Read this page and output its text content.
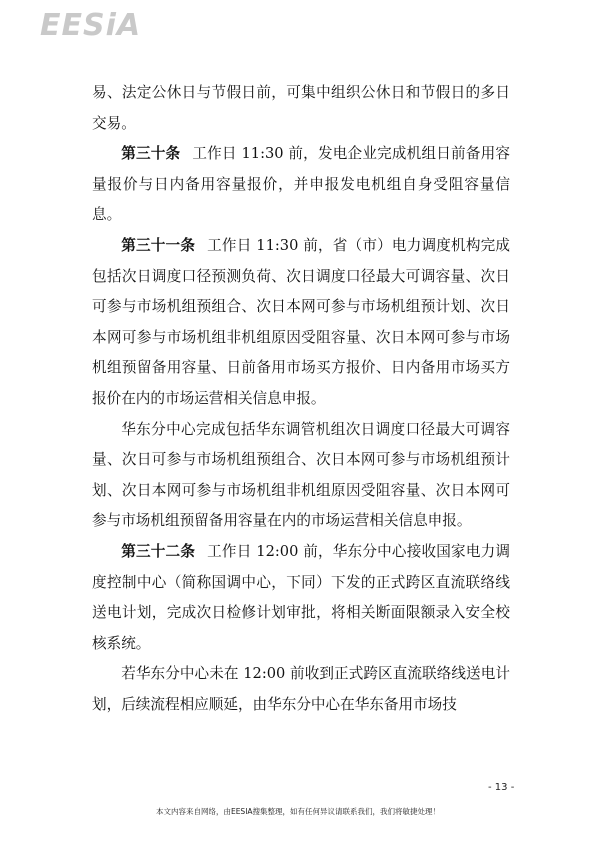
EESiA

易、法定公休日与节假日前，可集中组织公休日和节假日的多日交易。

第三十条 工作日 11:30 前，发电企业完成机组日前备用容量报价与日内备用容量报价，并申报发电机组自身受阻容量信息。

第三十一条 工作日 11:30 前，省（市）电力调度机构完成包括次日调度口径预测负荷、次日调度口径最大可调容量、次日可参与市场机组预组合、次日本网可参与市场机组预计划、次日本网可参与市场机组非机组原因受阻容量、次日本网可参与市场机组预留备用容量、日前备用市场买方报价、日内备用市场买方报价在内的市场运营相关信息申报。

华东分中心完成包括华东调管机组次日调度口径最大可调容量、次日可参与市场机组预组合、次日本网可参与市场机组预计划、次日本网可参与市场机组非机组原因受阻容量、次日本网可参与市场机组预留备用容量在内的市场运营相关信息申报。

第三十二条 工作日 12:00 前，华东分中心接收国家电力调度控制中心（简称国调中心，下同）下发的正式跨区直流联络线送电计划，完成次日检修计划审批，将相关断面限额录入安全校核系统。

若华东分中心未在 12:00 前收到正式跨区直流联络线送电计划，后续流程相应顺延，由华东分中心在华东备用市场技

- 13 -
本文内容来自网络，由EESIA搜集整理，如有任何异议请联系我们，我们将敏捷处理！
